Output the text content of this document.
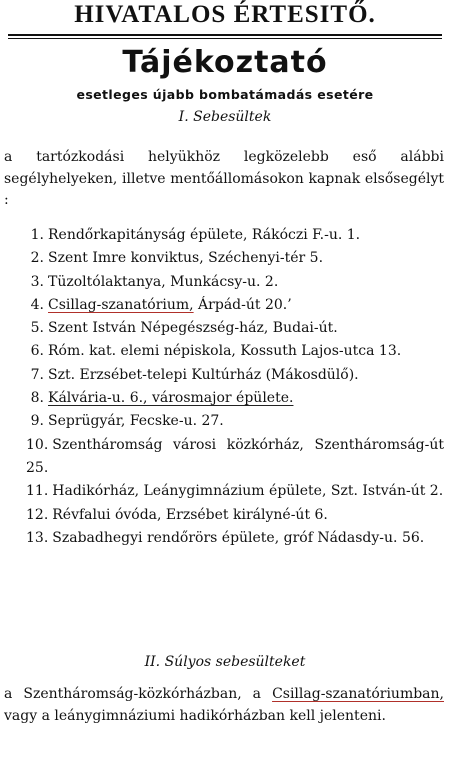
HIVATALOS ÉRTESITŐ.
Tájékoztató
esetleges újabb bombatámadás esetére
I. Sebesültek
a tartózkodási helyükhöz legközelebb eső alábbi segélyhelyeken, illetve mentőállomásokon kapnak elsősegélyt :
1. Rendőrkapitányság épülete, Rákóczi F.-u. 1.
2. Szent Imre konviktus, Széchenyi-tér 5.
3. Tüzoltólaktanya, Munkácsy-u. 2.
4. Csillag-szanatórium, Árpád-út 20.’
5. Szent István Népegészség-ház, Budai-út.
6. Róm. kat. elemi népiskola, Kossuth Lajos-utca 13.
7. Szt. Erzsébet-telepi Kultúrház (Mákosdülő).
8. Kálvária-u. 6., városmajor épülete.
9. Seprügyár, Fecske-u. 27.
10. Szentháromság városi közkórház, Szentháromság-út 25.
11. Hadikórház, Leánygimnázium épülete, Szt. István-út 2.
12. Révfalui óvóda, Erzsébet királyné-út 6.
13. Szabadhegyi rendőrörs épülete, gróf Nádasdy-u. 56.
II. Súlyos sebesülteket
a Szentháromság-közkórházban, a Csillag-szanatóriumban, vagy a leánygimnáziumi hadikórházban kell jelenteni.
